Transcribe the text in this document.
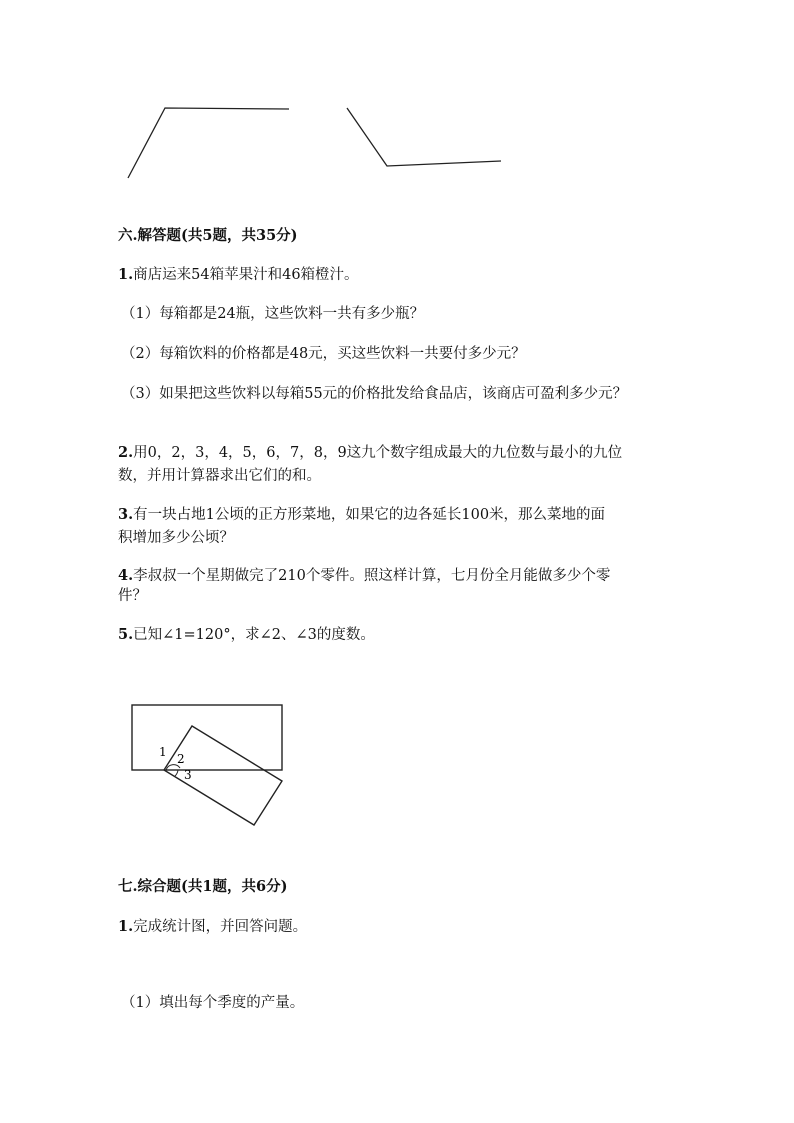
六.解答题(共5题，共35分)
1.商店运来54箱苹果汁和46箱橙汁。
（1）每箱都是24瓶，这些饮料一共有多少瓶？
（2）每箱饮料的价格都是48元，买这些饮料一共要付多少元？
（3）如果把这些饮料以每箱55元的价格批发给食品店，该商店可盈利多少元？
2.用0，2，3，4，5，6，7，8，9这九个数字组成最大的九位数与最小的九位
数，并用计算器求出它们的和。
3.有一块占地1公顷的正方形菜地，如果它的边各延长100米，那么菜地的面
积增加多少公顷？
4.李叔叔一个星期做完了210个零件。照这样计算，七月份全月能做多少个零
件？
5.已知∠1=120°，求∠2、∠3的度数。
1 2
3
七.综合题(共1题，共6分)
1.完成统计图，并回答问题。
（1）填出每个季度的产量。
